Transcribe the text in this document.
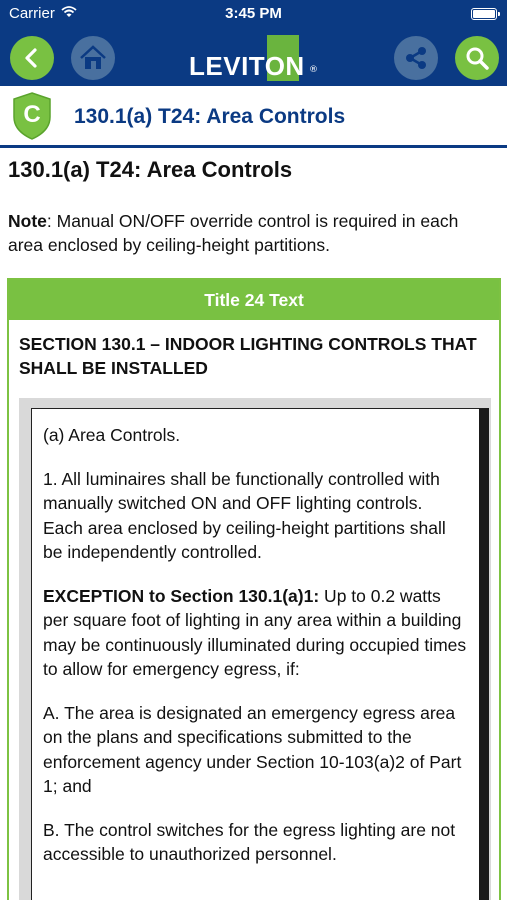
Carrier	3:45 PM
LEVITON ®
C	130.1(a) T24: Area Controls
130.1(a) T24: Area Controls
Note: Manual ON/OFF override control is required in each area enclosed by ceiling-height partitions.
Title 24 Text
SECTION 130.1 – INDOOR LIGHTING CONTROLS THAT SHALL BE INSTALLED

(a) Area Controls.

1. All luminaires shall be functionally controlled with manually switched ON and OFF lighting controls. Each area enclosed by ceiling-height partitions shall be independently controlled.

EXCEPTION to Section 130.1(a)1: Up to 0.2 watts per square foot of lighting in any area within a building may be continuously illuminated during occupied times to allow for emergency egress, if:

A. The area is designated an emergency egress area on the plans and specifications submitted to the enforcement agency under Section 10-103(a)2 of Part 1; and

B. The control switches for the egress lighting are not accessible to unauthorized personnel.
